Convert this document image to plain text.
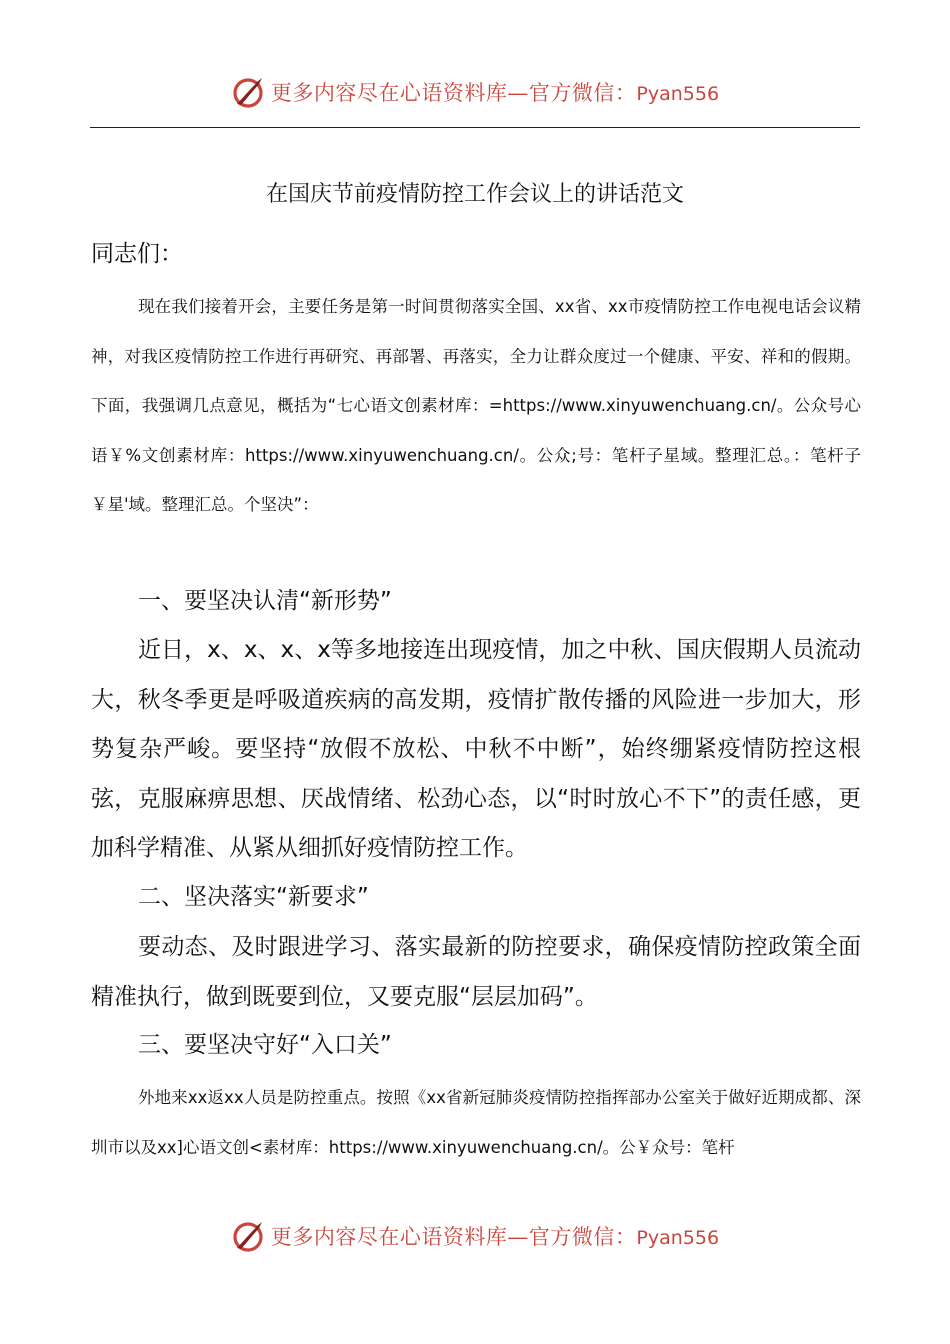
更多内容尽在心语资料库—官方微信：Pyan556
在国庆节前疫情防控工作会议上的讲话范文
同志们：
现在我们接着开会，主要任务是第一时间贯彻落实全国、xx省、xx市疫情防控工作电视电话会议精神，对我区疫情防控工作进行再研究、再部署、再落实，全力让群众度过一个健康、平安、祥和的假期。下面，我强调几点意见，概括为“七心语文创素材库：=https://www.xinyuwenchuang.cn/。公众号心语￥%文创素材库：https://www.xinyuwenchuang.cn/。公众;号：笔杆子星域。整理汇总。：笔杆子￥星'域。整理汇总。个坚决”：
一、要坚决认清“新形势”
近日，x、x、x、x等多地接连出现疫情，加之中秋、国庆假期人员流动大，秋冬季更是呼吸道疾病的高发期，疫情扩散传播的风险进一步加大，形势复杂严峻。要坚持“放假不放松、中秋不中断”，始终绷紧疫情防控这根弦，克服麻痹思想、厌战情绪、松劲心态，以“时时放心不下”的责任感，更加科学精准、从紧从细抓好疫情防控工作。
二、坚决落实“新要求”
要动态、及时跟进学习、落实最新的防控要求，确保疫情防控政策全面精准执行，做到既要到位，又要克服“层层加码”。
三、要坚决守好“入口关”
外地来xx返xx人员是防控重点。按照《xx省新冠肺炎疫情防控指挥部办公室关于做好近期成都、深圳市以及xx]心语文创<素材库：https://www.xinyuwenchuang.cn/。公￥众号：笔杆
更多内容尽在心语资料库—官方微信：Pyan556
